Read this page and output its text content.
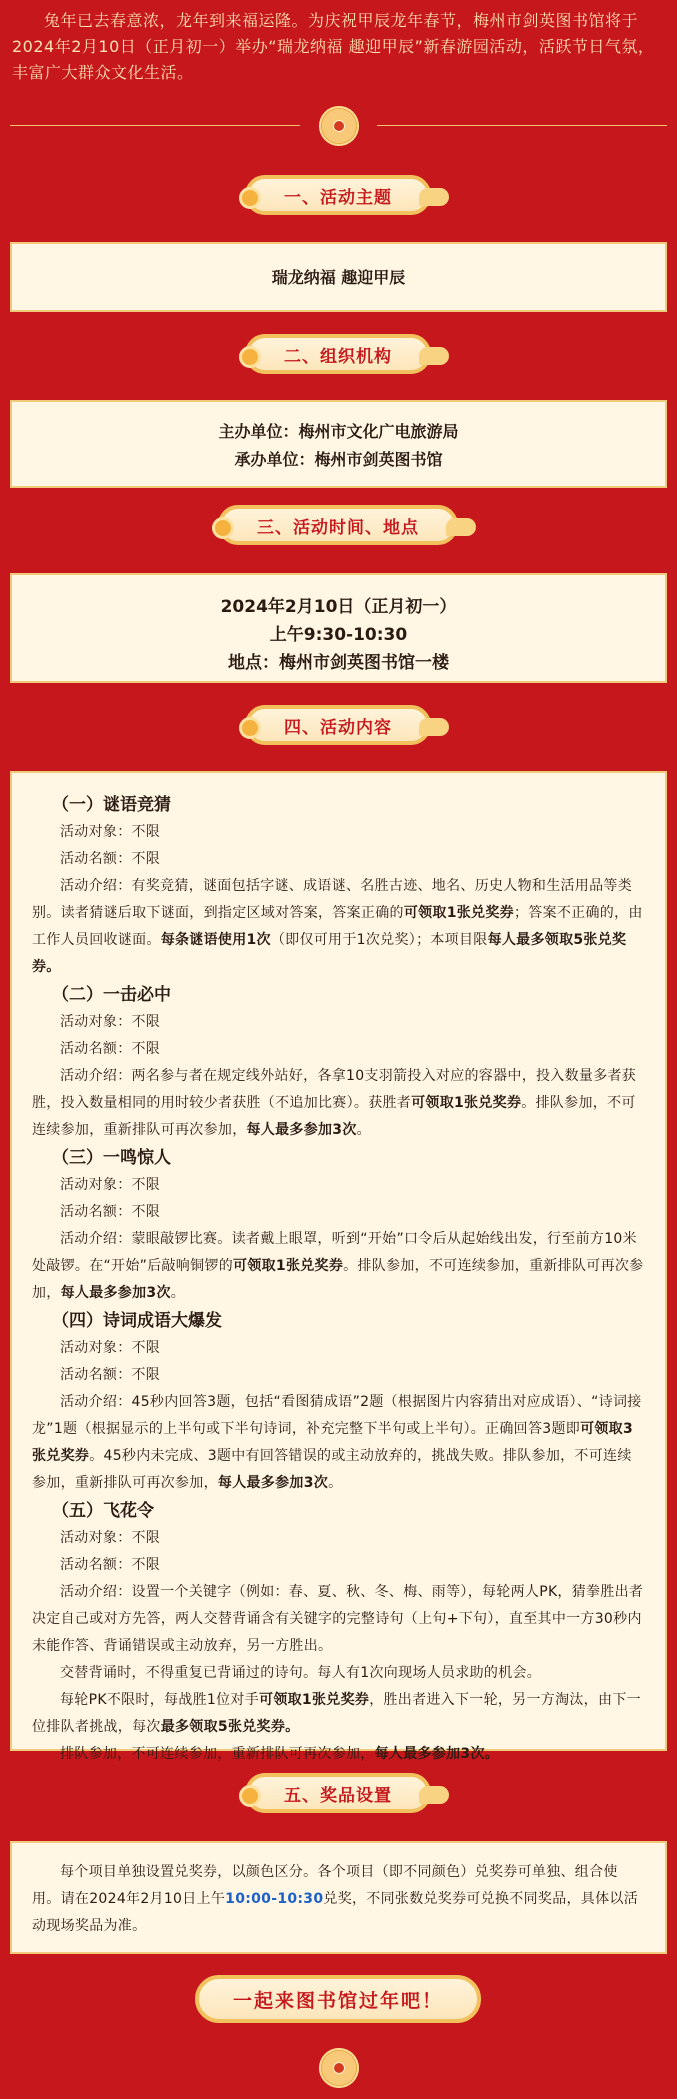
兔年已去春意浓，龙年到来福运隆。为庆祝甲辰龙年春节，梅州市剑英图书馆将于2024年2月10日（正月初一）举办“瑞龙纳福 趣迎甲辰”新春游园活动，活跃节日气氛，丰富广大群众文化生活。

一、活动主题
瑞龙纳福 趣迎甲辰
二、组织机构
主办单位：梅州市文化广电旅游局
承办单位：梅州市剑英图书馆
三、活动时间、地点
2024年2月10日（正月初一）
上午9:30-10:30
地点：梅州市剑英图书馆一楼
四、活动内容
（一）谜语竞猜
活动对象：不限
活动名额：不限
活动介绍：有奖竞猜，谜面包括字谜、成语谜、名胜古迹、地名、历史人物和生活用品等类别。读者猜谜后取下谜面，到指定区域对答案，答案正确的可领取1张兑奖券；答案不正确的，由工作人员回收谜面。每条谜语使用1次（即仅可用于1次兑奖）；本项目限每人最多领取5张兑奖券。
（二）一击必中
活动对象：不限
活动名额：不限
活动介绍：两名参与者在规定线外站好，各拿10支羽箭投入对应的容器中，投入数量多者获胜，投入数量相同的用时较少者获胜（不追加比赛）。获胜者可领取1张兑奖券。排队参加，不可连续参加，重新排队可再次参加，每人最多参加3次。
（三）一鸣惊人
活动对象：不限
活动名额：不限
活动介绍：蒙眼敲锣比赛。读者戴上眼罩，听到“开始”口令后从起始线出发，行至前方10米处敲锣。在“开始”后敲响铜锣的可领取1张兑奖券。排队参加，不可连续参加，重新排队可再次参加，每人最多参加3次。
（四）诗词成语大爆发
活动对象：不限
活动名额：不限
活动介绍：45秒内回答3题，包括“看图猜成语”2题（根据图片内容猜出对应成语）、“诗词接龙”1题（根据显示的上半句或下半句诗词，补充完整下半句或上半句）。正确回答3题即可领取3张兑奖券。45秒内未完成、3题中有回答错误的或主动放弃的，挑战失败。排队参加，不可连续参加，重新排队可再次参加，每人最多参加3次。
（五）飞花令
活动对象：不限
活动名额：不限
活动介绍：设置一个关键字（例如：春、夏、秋、冬、梅、雨等），每轮两人PK，猜拳胜出者决定自己或对方先答，两人交替背诵含有关键字的完整诗句（上句+下句），直至其中一方30秒内未能作答、背诵错误或主动放弃，另一方胜出。
交替背诵时，不得重复已背诵过的诗句。每人有1次向现场人员求助的机会。
每轮PK不限时，每战胜1位对手可领取1张兑奖券，胜出者进入下一轮，另一方淘汰，由下一位排队者挑战，每次最多领取5张兑奖券。
排队参加，不可连续参加，重新排队可再次参加，每人最多参加3次。
五、奖品设置
每个项目单独设置兑奖券，以颜色区分。各个项目（即不同颜色）兑奖券可单独、组合使用。请在2024年2月10日上午10:00-10:30兑奖，不同张数兑奖券可兑换不同奖品，具体以活动现场奖品为准。
一起来图书馆过年吧！
